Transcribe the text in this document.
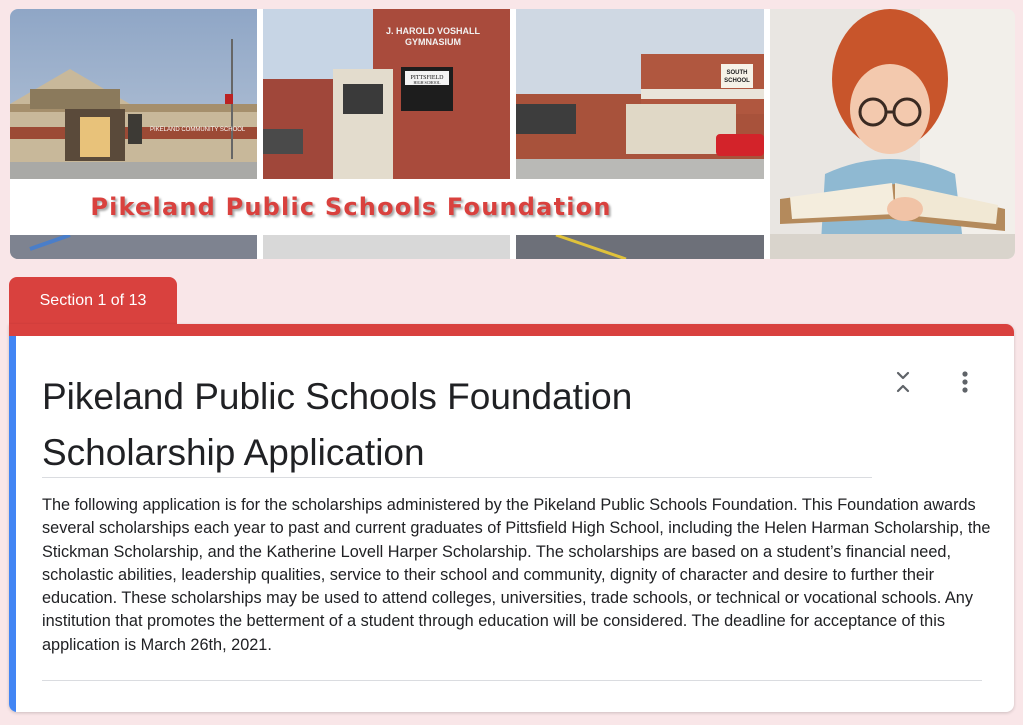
PIKELAND COMMUNITY SCHOOL
PITTSFIELD
HIGH SCHOOL
J. HAROLD VOSHALL
GYMNASIUM
SOUTH
SCHOOL
Pikeland Public Schools Foundation
Section 1 of 13
Pikeland Public Schools Foundation
Scholarship Application
The following application is for the scholarships administered by the Pikeland Public Schools Foundation. This Foundation awards several scholarships each year to past and current graduates of Pittsfield High School, including the Helen Harman Scholarship, the Stickman Scholarship, and the Katherine Lovell Harper Scholarship. The scholarships are based on a student’s financial need, scholastic abilities, leadership qualities, service to their school and community, dignity of character and desire to further their education. These scholarships may be used to attend colleges, universities, trade schools, or technical or vocational schools. Any institution that promotes the betterment of a student through education will be considered. The deadline for acceptance of this application is March 26th, 2021.
